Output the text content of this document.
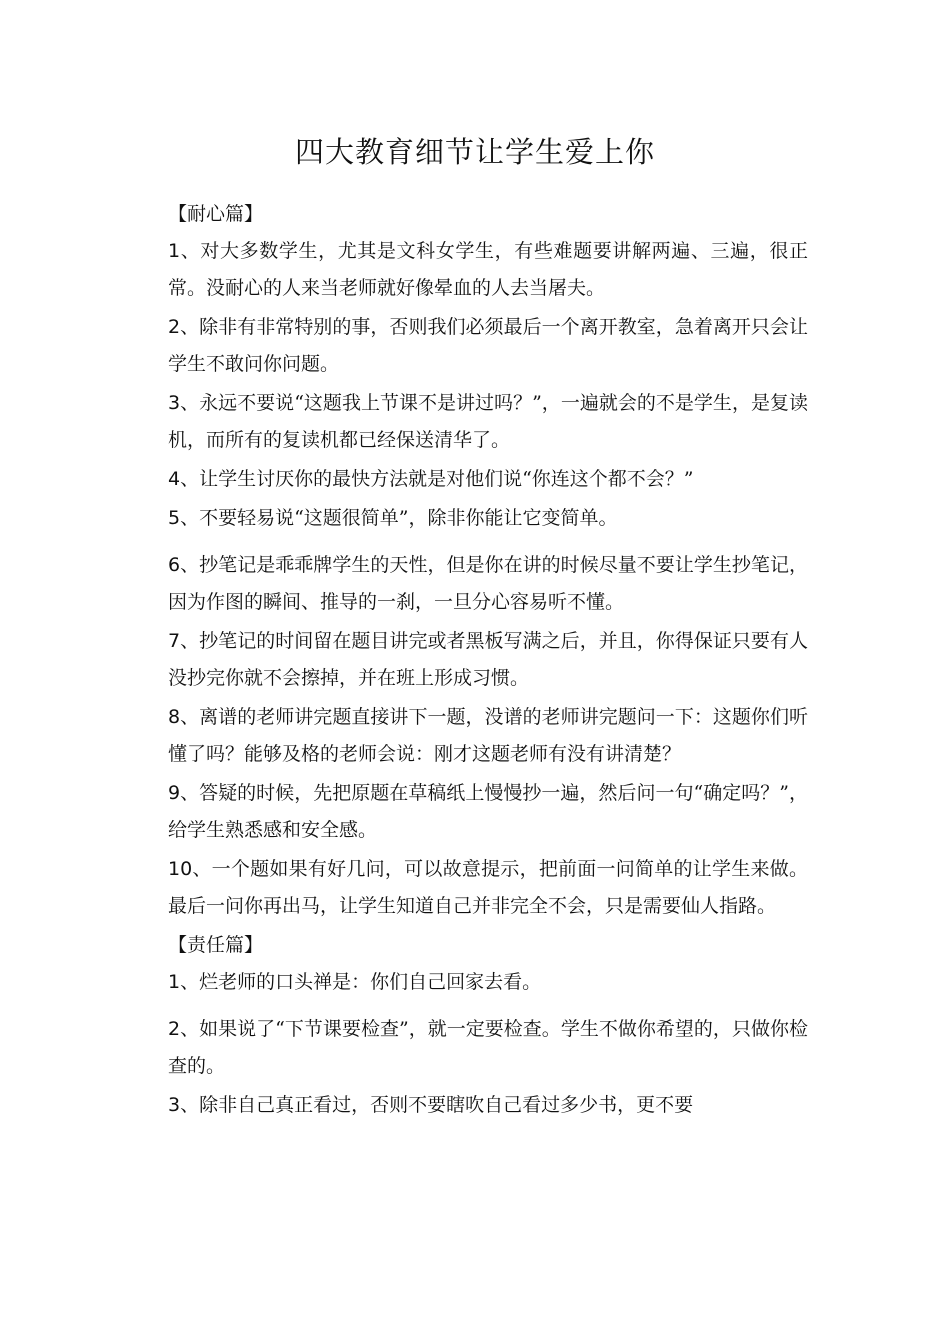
四大教育细节让学生爱上你
【耐心篇】

1、对大多数学生，尤其是文科女学生，有些难题要讲解两遍、三遍，很正常。没耐心的人来当老师就好像晕血的人去当屠夫。

2、除非有非常特别的事，否则我们必须最后一个离开教室，急着离开只会让学生不敢问你问题。

3、永远不要说“这题我上节课不是讲过吗？”，一遍就会的不是学生，是复读机，而所有的复读机都已经保送清华了。

4、让学生讨厌你的最快方法就是对他们说“你连这个都不会？”

5、不要轻易说“这题很简单”，除非你能让它变简单。

6、抄笔记是乖乖牌学生的天性，但是你在讲的时候尽量不要让学生抄笔记，因为作图的瞬间、推导的一刹，一旦分心容易听不懂。

7、抄笔记的时间留在题目讲完或者黑板写满之后，并且，你得保证只要有人没抄完你就不会擦掉，并在班上形成习惯。

8、离谱的老师讲完题直接讲下一题，没谱的老师讲完题问一下：这题你们听懂了吗？能够及格的老师会说：刚才这题老师有没有讲清楚？

9、答疑的时候，先把原题在草稿纸上慢慢抄一遍，然后问一句“确定吗？”，给学生熟悉感和安全感。

10、一个题如果有好几问，可以故意提示，把前面一问简单的让学生来做。最后一问你再出马，让学生知道自己并非完全不会，只是需要仙人指路。

【责任篇】

1、烂老师的口头禅是：你们自己回家去看。

2、如果说了“下节课要检查”，就一定要检查。学生不做你希望的，只做你检查的。

3、除非自己真正看过，否则不要瞎吹自己看过多少书，更不要
